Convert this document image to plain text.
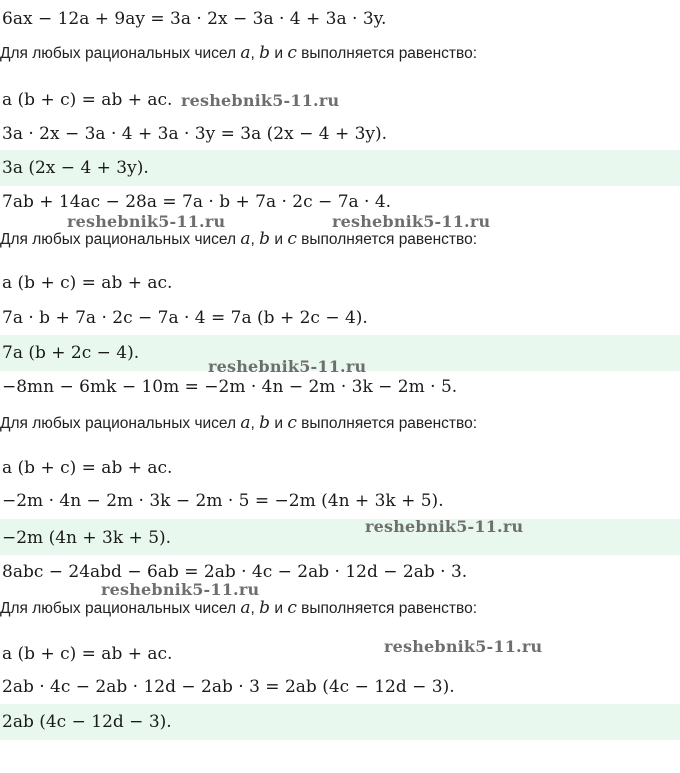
6ax − 12a + 9ay = 3a · 2x − 3a · 4 + 3a · 3y.
Для любых рациональных чисел a, b и c выполняется равенство:
a (b + c) = ab + ac.
3a · 2x − 3a · 4 + 3a · 3y = 3a (2x − 4 + 3y).
3a (2x − 4 + 3y).
7ab + 14ac − 28a = 7a · b + 7a · 2c − 7a · 4.
Для любых рациональных чисел a, b и c выполняется равенство:
a (b + c) = ab + ac.
7a · b + 7a · 2c − 7a · 4 = 7a (b + 2c − 4).
7a (b + 2c − 4).
−8mn − 6mk − 10m = −2m · 4n − 2m · 3k − 2m · 5.
Для любых рациональных чисел a, b и c выполняется равенство:
a (b + c) = ab + ac.
−2m · 4n − 2m · 3k − 2m · 5 = −2m (4n + 3k + 5).
−2m (4n + 3k + 5).
8abc − 24abd − 6ab = 2ab · 4c − 2ab · 12d − 2ab · 3.
Для любых рациональных чисел a, b и c выполняется равенство:
a (b + c) = ab + ac.
2ab · 4c − 2ab · 12d − 2ab · 3 = 2ab (4c − 12d − 3).
2ab (4c − 12d − 3).
reshebnik5-11.ru
reshebnik5-11.ru	reshebnik5-11.ru
reshebnik5-11.ru
reshebnik5-11.ru
reshebnik5-11.ru
reshebnik5-11.ru
